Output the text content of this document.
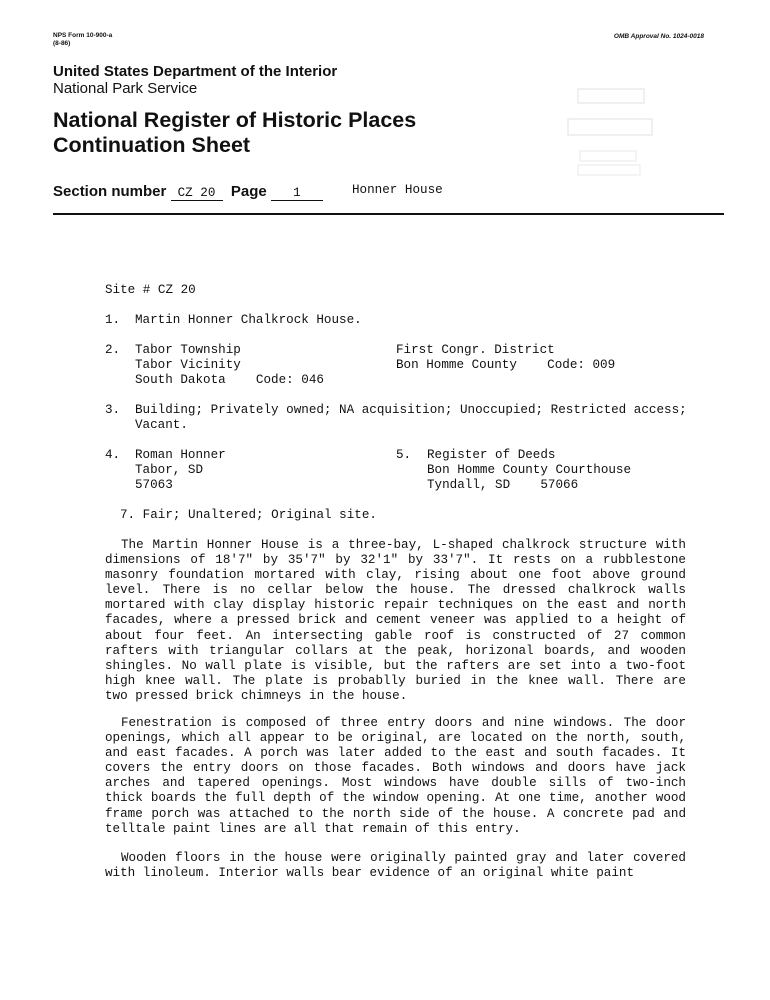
NPS Form 10-900-a
(8-86)
OMB Approval No. 1024-0018
United States Department of the Interior
National Park Service
National Register of Historic Places
Continuation Sheet
Section number CZ 20 Page 1	Honner House
Site # CZ 20
1. Martin Honner Chalkrock House.
2. Tabor Township
Tabor Vicinity
South Dakota    Code: 046
First Congr. District
Bon Homme County    Code: 009
3. Building; Privately owned; NA acquisition; Unoccupied; Restricted access;
Vacant.
4. Roman Honner
Tabor, SD
57063
5. Register of Deeds
Bon Homme County Courthouse
Tyndall, SD    57066
7. Fair; Unaltered; Original site.
The Martin Honner House is a three-bay, L-shaped chalkrock structure with dimensions of 18'7" by 35'7" by 32'1" by 33'7". It rests on a rubblestone masonry foundation mortared with clay, rising about one foot above ground level. There is no cellar below the house. The dressed chalkrock walls mortared with clay display historic repair techniques on the east and north facades, where a pressed brick and cement veneer was applied to a height of about four feet. An intersecting gable roof is constructed of 27 common rafters with triangular collars at the peak, horizonal boards, and wooden shingles. No wall plate is visible, but the rafters are set into a two-foot high knee wall. The plate is probablly buried in the knee wall. There are two pressed brick chimneys in the house.
Fenestration is composed of three entry doors and nine windows. The door openings, which all appear to be original, are located on the north, south, and east facades. A porch was later added to the east and south facades. It covers the entry doors on those facades. Both windows and doors have jack arches and tapered openings. Most windows have double sills of two-inch thick boards the full depth of the window opening. At one time, another wood frame porch was attached to the north side of the house. A concrete pad and telltale paint lines are all that remain of this entry.
Wooden floors in the house were originally painted gray and later covered with linoleum. Interior walls bear evidence of an original white paint
